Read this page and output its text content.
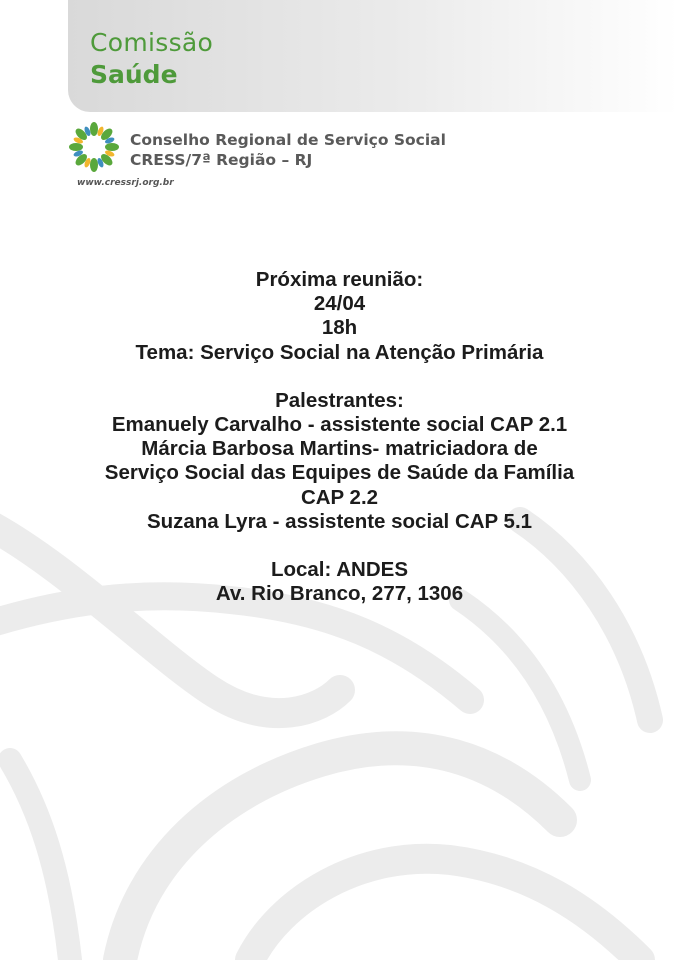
Comissão
Saúde
Conselho Regional de Serviço Social
CRESS/7ª Região – RJ
www.cressrj.org.br
Próxima reunião:
24/04
18h
Tema: Serviço Social na Atenção Primária
Palestrantes:
Emanuely Carvalho - assistente social CAP 2.1
Márcia Barbosa Martins- matriciadora de
Serviço Social das Equipes de Saúde da Família
CAP 2.2
Suzana Lyra - assistente social CAP 5.1
Local: ANDES
Av. Rio Branco, 277, 1306
